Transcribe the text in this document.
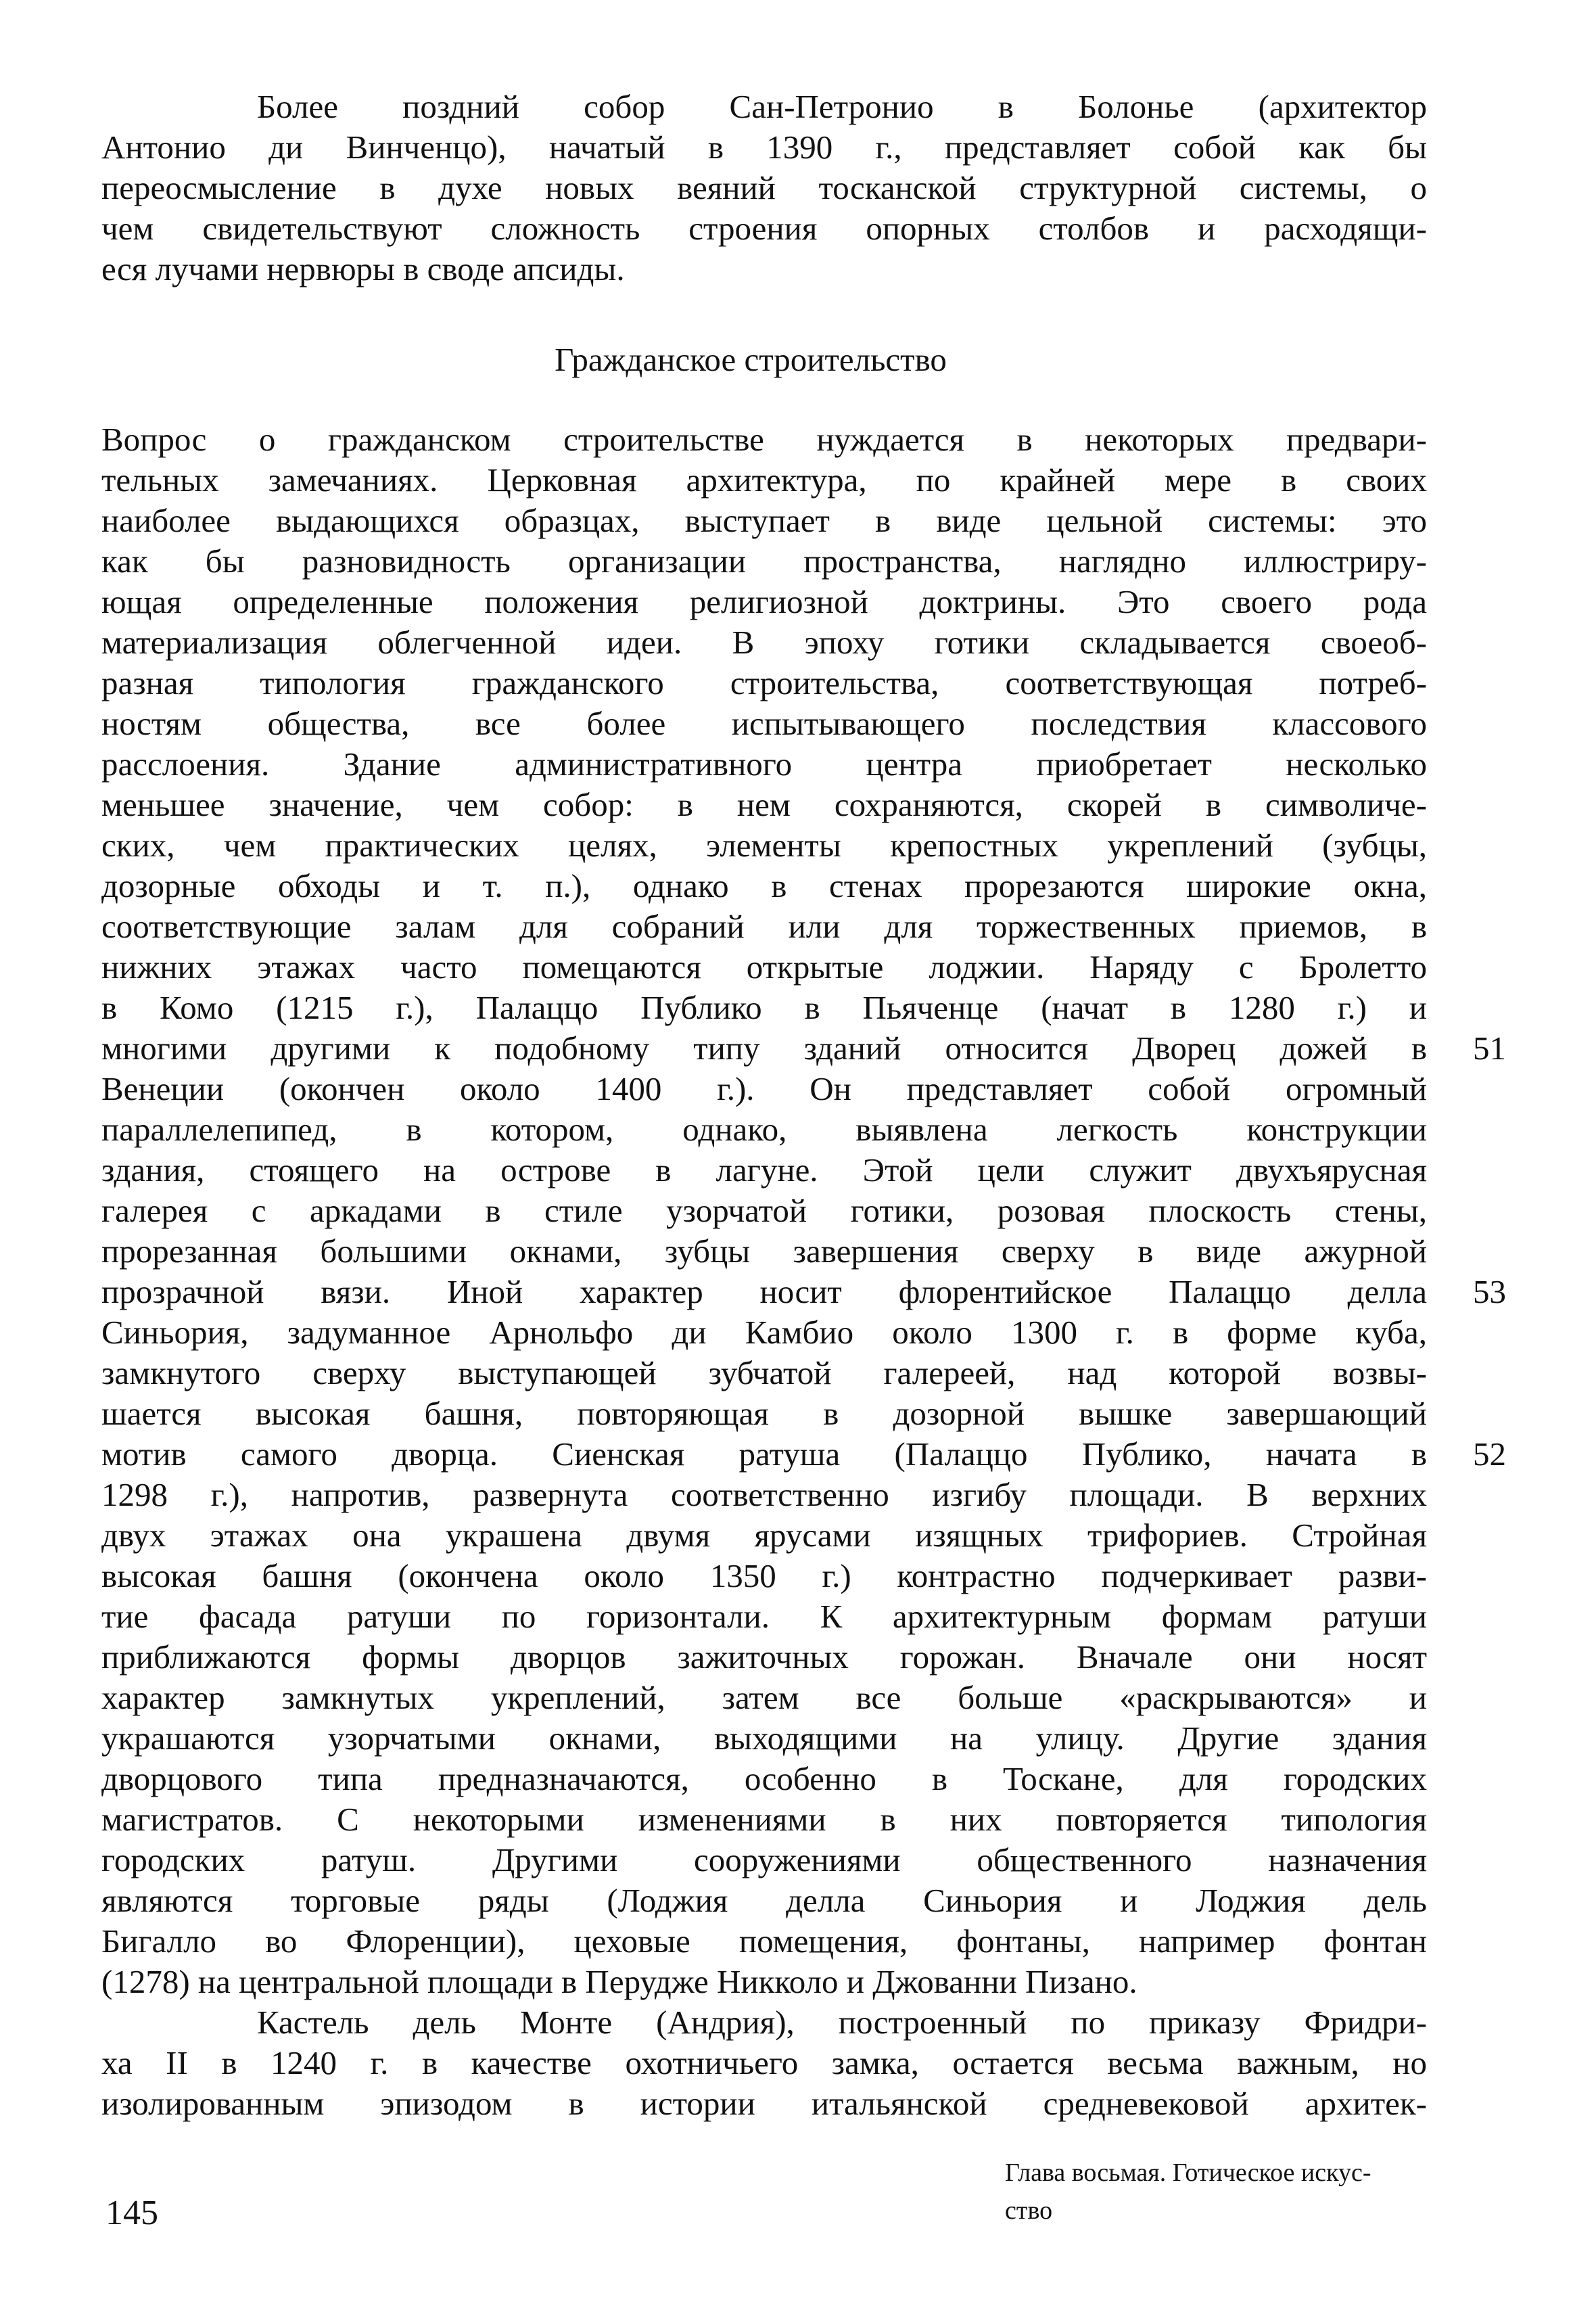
Более поздний собор Сан-Петронио в Болонье (архитектор
Антонио ди Винченцо), начатый в 1390 г., представляет собой как бы
переосмысление в духе новых веяний тосканской структурной системы, о
чем свидетельствуют сложность строения опорных столбов и расходящи-
еся лучами нервюры в своде апсиды.
Гражданское строительство
Вопрос о гражданском строительстве нуждается в некоторых предвари-
тельных замечаниях. Церковная архитектура, по крайней мере в своих
наиболее выдающихся образцах, выступает в виде цельной системы: это
как бы разновидность организации пространства, наглядно иллюстриру-
ющая определенные положения религиозной доктрины. Это своего рода
материализация облегченной идеи. В эпоху готики складывается своеоб-
разная типология гражданского строительства, соответствующая потреб-
ностям общества, все более испытывающего последствия классового
расслоения. Здание административного центра приобретает несколько
меньшее значение, чем собор: в нем сохраняются, скорей в символиче-
ских, чем практических целях, элементы крепостных укреплений (зубцы,
дозорные обходы и т. п.), однако в стенах прорезаются широкие окна,
соответствующие залам для собраний или для торжественных приемов, в
нижних этажах часто помещаются открытые лоджии. Наряду с Бролетто
в Комо (1215 г.), Палаццо Публико в Пьяченце (начат в 1280 г.) и
многими другими к подобному типу зданий относится Дворец дожей в
Венеции (окончен около 1400 г.). Он представляет собой огромный
параллелепипед, в котором, однако, выявлена легкость конструкции
здания, стоящего на острове в лагуне. Этой цели служит двухъярусная
галерея с аркадами в стиле узорчатой готики, розовая плоскость стены,
прорезанная большими окнами, зубцы завершения сверху в виде ажурной
прозрачной вязи. Иной характер носит флорентийское Палаццо делла
Синьория, задуманное Арнольфо ди Камбио около 1300 г. в форме куба,
замкнутого сверху выступающей зубчатой галереей, над которой возвы-
шается высокая башня, повторяющая в дозорной вышке завершающий
мотив самого дворца. Сиенская ратуша (Палаццо Публико, начата в
1298 г.), напротив, развернута соответственно изгибу площади. В верхних
двух этажах она украшена двумя ярусами изящных трифориев. Стройная
высокая башня (окончена около 1350 г.) контрастно подчеркивает разви-
тие фасада ратуши по горизонтали. К архитектурным формам ратуши
приближаются формы дворцов зажиточных горожан. Вначале они носят
характер замкнутых укреплений, затем все больше «раскрываются» и
украшаются узорчатыми окнами, выходящими на улицу. Другие здания
дворцового типа предназначаются, особенно в Тоскане, для городских
магистратов. С некоторыми изменениями в них повторяется типология
городских ратуш. Другими сооружениями общественного назначения
являются торговые ряды (Лоджия делла Синьория и Лоджия дель
Бигалло во Флоренции), цеховые помещения, фонтаны, например фонтан
(1278) на центральной площади в Перудже Никколо и Джованни Пизано.
Кастель дель Монте (Андрия), построенный по приказу Фридри-
ха II в 1240 г. в качестве охотничьего замка, остается весьма важным, но
изолированным эпизодом в истории итальянской средневековой архитек-
51
53
52
145
Глава восьмая. Готическое искус-
ство
